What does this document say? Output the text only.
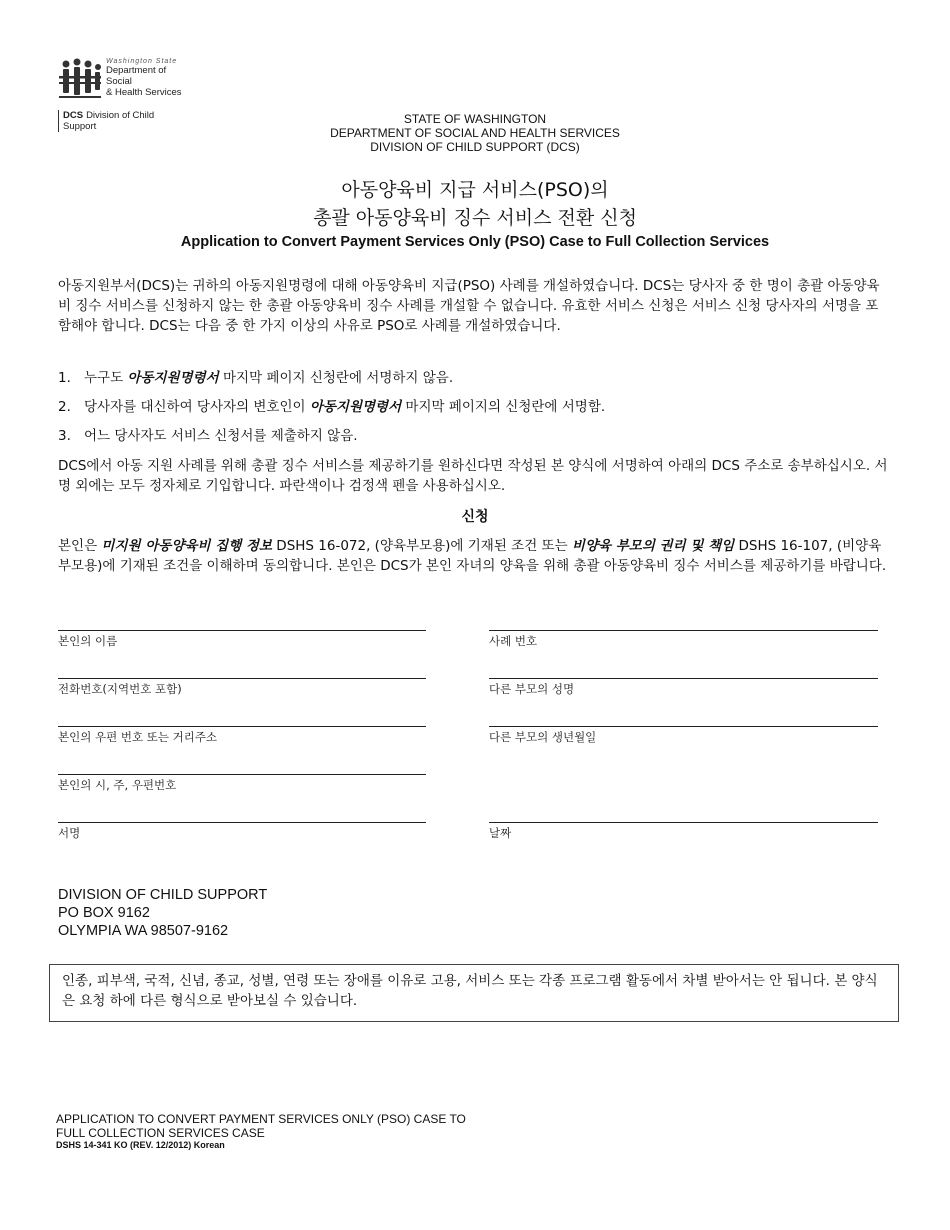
Washington State
Department of Social
& Health Services
DCS Division of Child Support
STATE OF WASHINGTON
DEPARTMENT OF SOCIAL AND HEALTH SERVICES
DIVISION OF CHILD SUPPORT (DCS)
아동양육비 지급 서비스(PSO)의
총괄 아동양육비 징수 서비스 전환 신청
Application to Convert Payment Services Only (PSO) Case to Full Collection Services
아동지원부서(DCS)는 귀하의 아동지원명령에 대해 아동양육비 지급(PSO) 사례를 개설하였습니다. DCS는 당사자 중 한 명이 총괄 아동양육비 징수 서비스를 신청하지 않는 한 총괄 아동양육비 징수 사례를 개설할 수 없습니다. 유효한 서비스 신청은 서비스 신청 당사자의 서명을 포함해야 합니다. DCS는 다음 중 한 가지 이상의 사유로 PSO로 사례를 개설하였습니다.
1. 누구도 아동지원명령서 마지막 페이지 신청란에 서명하지 않음.
2. 당사자를 대신하여 당사자의 변호인이 아동지원명령서 마지막 페이지의 신청란에 서명함.
3. 어느 당사자도 서비스 신청서를 제출하지 않음.
DCS에서 아동 지원 사례를 위해 총괄 징수 서비스를 제공하기를 원하신다면 작성된 본 양식에 서명하여 아래의 DCS 주소로 송부하십시오. 서명 외에는 모두 정자체로 기입합니다. 파란색이나 검정색 펜을 사용하십시오.
신청
본인은 미지원 아동양육비 집행 정보 DSHS 16-072, (양육부모용)에 기재된 조건 또는 비양육 부모의 권리 및 책임 DSHS 16-107, (비양육부모용)에 기재된 조건을 이해하며 동의합니다. 본인은 DCS가 본인 자녀의 양육을 위해 총괄 아동양육비 징수 서비스를 제공하기를 바랍니다.
본인의 이름
전화번호(지역번호 포함)
본인의 우편 번호 또는 거리주소
본인의 시, 주, 우편번호
서명
사례 번호
다른 부모의 성명
다른 부모의 생년월일
날짜
DIVISION OF CHILD SUPPORT
PO BOX 9162
OLYMPIA WA 98507-9162
인종, 피부색, 국적, 신념, 종교, 성별, 연령 또는 장애를 이유로 고용, 서비스 또는 각종 프로그램 활동에서 차별 받아서는 안 됩니다. 본 양식은 요청 하에 다른 형식으로 받아보실 수 있습니다.
APPLICATION TO CONVERT PAYMENT SERVICES ONLY (PSO) CASE TO
FULL COLLECTION SERVICES CASE
DSHS 14-341 KO (REV. 12/2012) Korean
